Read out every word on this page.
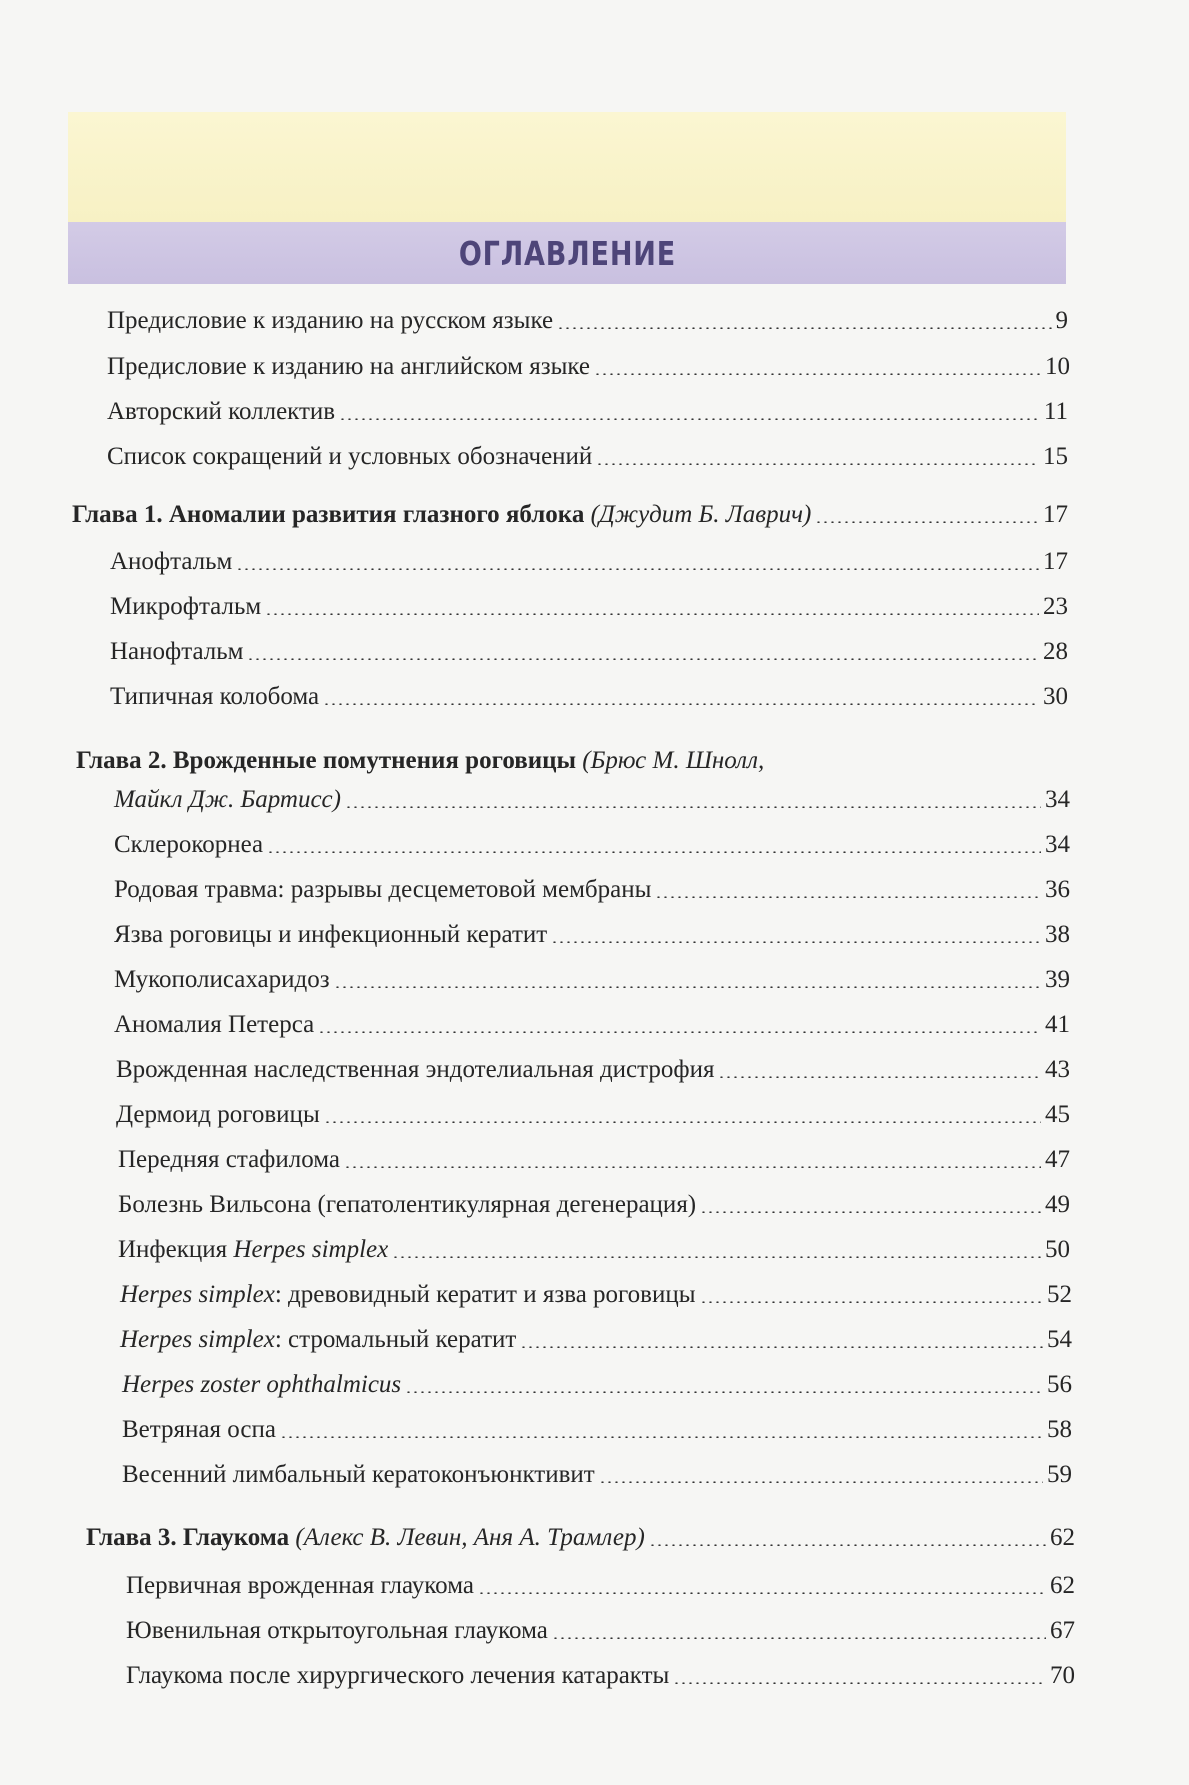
ОГЛАВЛЕНИЕ
Предисловие к изданию на русском языке	9
Предисловие к изданию на английском языке	10
Авторский коллектив	11
Список сокращений и условных обозначений	15
Глава 1. Аномалии развития глазного яблока (Джудит Б. Лаврич)	17
Анофтальм	17
Микрофтальм	23
Нанофтальм	28
Типичная колобома	30
Глава 2. Врожденные помутнения роговицы (Брюс М. Шнолл,
Майкл Дж. Бартисс)	34
Склерокорнеа	34
Родовая травма: разрывы десцеметовой мембраны	36
Язва роговицы и инфекционный кератит	38
Мукополисахаридоз	39
Аномалия Петерса	41
Врожденная наследственная эндотелиальная дистрофия	43
Дермоид роговицы	45
Передняя стафилома	47
Болезнь Вильсона (гепатолентикулярная дегенерация)	49
Инфекция Herpes simplex	50
Herpes simplex: древовидный кератит и язва роговицы	52
Herpes simplex: стромальный кератит	54
Herpes zoster ophthalmicus	56
Ветряная оспа	58
Весенний лимбальный кератоконъюнктивит	59
Глава 3. Глаукома (Алекс В. Левин, Аня А. Трамлер)	62
Первичная врожденная глаукома	62
Ювенильная открытоугольная глаукома	67
Глаукома после хирургического лечения катаракты	70
